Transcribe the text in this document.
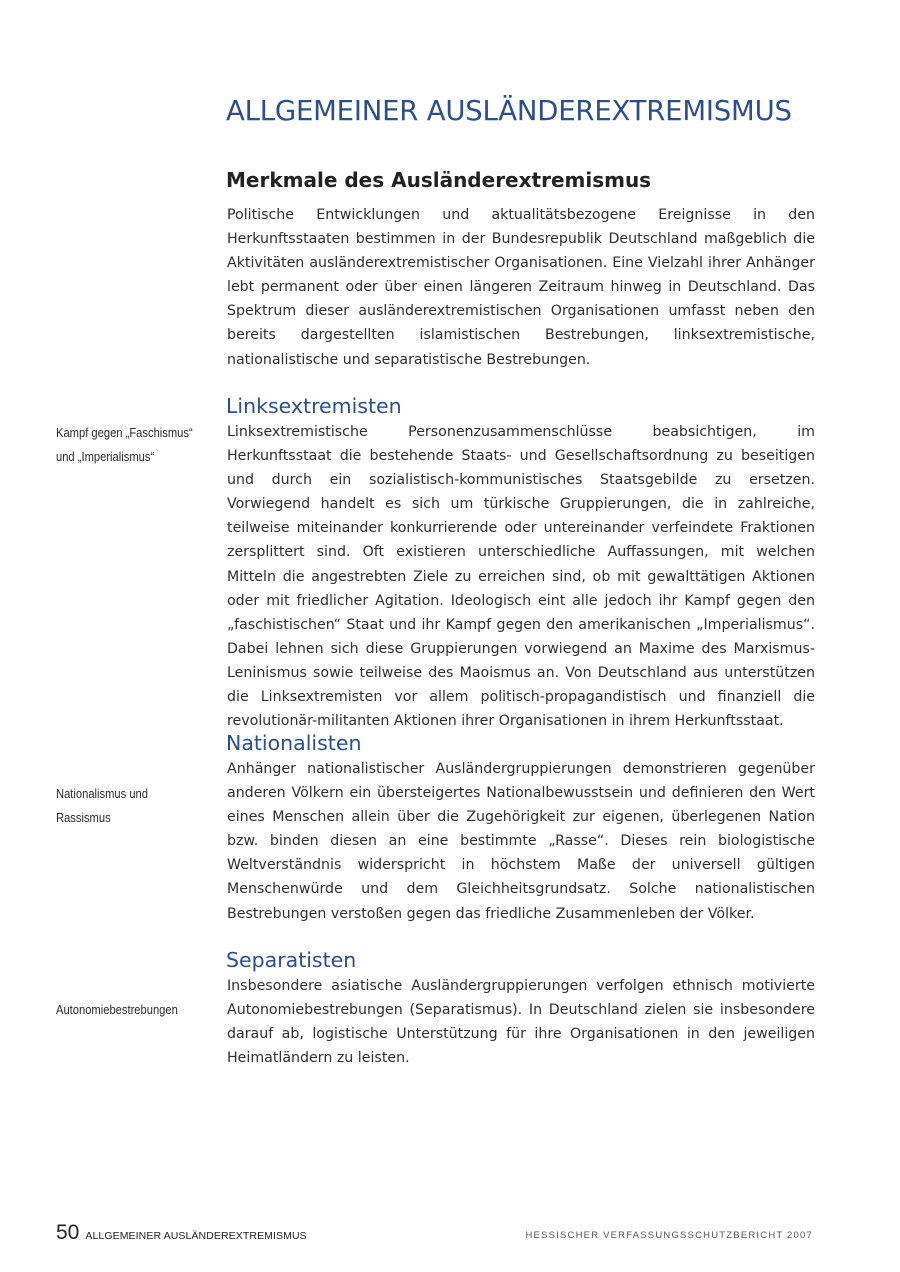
ALLGEMEINER AUSLÄNDEREXTREMISMUS
Merkmale des Ausländerextremismus

Politische Entwicklungen und aktualitätsbezogene Ereignisse in den Herkunftsstaaten bestimmen in der Bundesrepublik Deutschland maßgeblich die Aktivitäten ausländerextremistischer Organisationen. Eine Vielzahl ihrer Anhänger lebt permanent oder über einen längeren Zeitraum hinweg in Deutschland. Das Spektrum dieser ausländerextremistischen Organisationen umfasst neben den bereits dargestellten islamistischen Bestrebungen, linksextremistische, nationalistische und separatistische Bestrebungen.

Linksextremisten
Kampf gegen „Faschismus“
und „Imperialismus“

Linksextremistische Personenzusammenschlüsse beabsichtigen, im Herkunftsstaat die bestehende Staats- und Gesellschaftsordnung zu beseitigen und durch ein sozialistisch-kommunistisches Staatsgebilde zu ersetzen. Vorwiegend handelt es sich um türkische Gruppierungen, die in zahlreiche, teilweise miteinander konkurrierende oder untereinander verfeindete Fraktionen zersplittert sind. Oft existieren unterschiedliche Auffassungen, mit welchen Mitteln die angestrebten Ziele zu erreichen sind, ob mit gewalttätigen Aktionen oder mit friedlicher Agitation. Ideologisch eint alle jedoch ihr Kampf gegen den „faschistischen“ Staat und ihr Kampf gegen den amerikanischen „Imperialismus“. Dabei lehnen sich diese Gruppierungen vorwiegend an Maxime des Marxismus-Leninismus sowie teilweise des Maoismus an. Von Deutschland aus unterstützen die Linksextremisten vor allem politisch-propagandistisch und finanziell die revolutionär-militanten Aktionen ihrer Organisationen in ihrem Herkunftsstaat.

Nationalisten
Nationalismus und
Rassismus

Anhänger nationalistischer Ausländergruppierungen demonstrieren gegenüber anderen Völkern ein übersteigertes Nationalbewusstsein und definieren den Wert eines Menschen allein über die Zugehörigkeit zur eigenen, überlegenen Nation bzw. binden diesen an eine bestimmte „Rasse“. Dieses rein biologistische Weltverständnis widerspricht in höchstem Maße der universell gültigen Menschenwürde und dem Gleichheitsgrundsatz. Solche nationalistischen Bestrebungen verstoßen gegen das friedliche Zusammenleben der Völker.

Separatisten
Autonomiebestrebungen

Insbesondere asiatische Ausländergruppierungen verfolgen ethnisch motivierte Autonomiebestrebungen (Separatismus). In Deutschland zielen sie insbesondere darauf ab, logistische Unterstützung für ihre Organisationen in den jeweiligen Heimatländern zu leisten.

50 ALLGEMEINER AUSLÄNDEREXTREMISMUS	HESSISCHER VERFASSUNGSSCHUTZBERICHT 2007
